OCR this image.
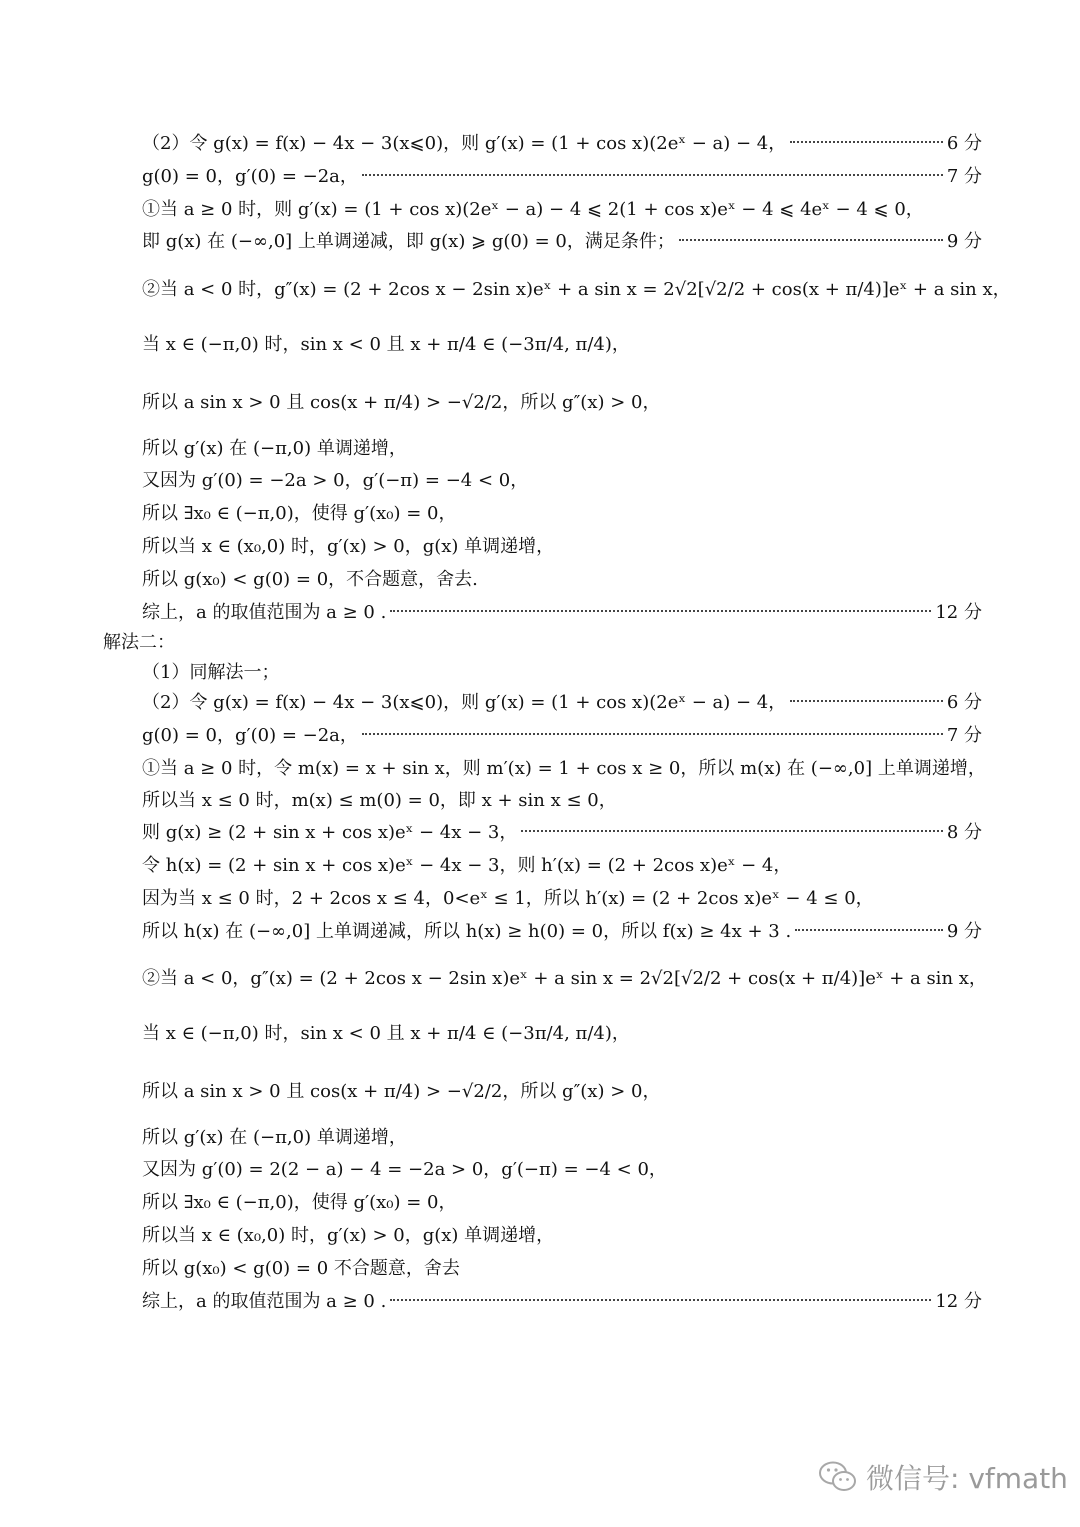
（2）令 g(x) = f(x) − 4x − 3(x⩽0)，则 g′(x) = (1 + cos x)(2eˣ − a) − 4，	6 分
g(0) = 0，g′(0) = −2a，	7 分
①当 a ≥ 0 时，则 g′(x) = (1 + cos x)(2eˣ − a) − 4 ⩽ 2(1 + cos x)eˣ − 4 ⩽ 4eˣ − 4 ⩽ 0，
即 g(x) 在 (−∞,0] 上单调递减，即 g(x) ⩾ g(0) = 0，满足条件；	9 分
②当 a < 0 时，g″(x) = (2 + 2cos x − 2sin x)eˣ + a sin x = 2√2[√2/2 + cos(x + π/4)]eˣ + a sin x，
当 x ∈ (−π,0) 时，sin x < 0 且 x + π/4 ∈ (−3π/4, π/4)，
所以 a sin x > 0 且 cos(x + π/4) > −√2/2，所以 g″(x) > 0，
所以 g′(x) 在 (−π,0) 单调递增，
又因为 g′(0) = −2a > 0，g′(−π) = −4 < 0，
所以 ∃x₀ ∈ (−π,0)，使得 g′(x₀) = 0，
所以当 x ∈ (x₀,0) 时，g′(x) > 0，g(x) 单调递增，
所以 g(x₀) < g(0) = 0，不合题意，舍去.
综上，a 的取值范围为 a ≥ 0 .	12 分
解法二：
（1）同解法一；
（2）令 g(x) = f(x) − 4x − 3(x⩽0)，则 g′(x) = (1 + cos x)(2eˣ − a) − 4，	6 分
g(0) = 0，g′(0) = −2a，	7 分
①当 a ≥ 0 时，令 m(x) = x + sin x，则 m′(x) = 1 + cos x ≥ 0，所以 m(x) 在 (−∞,0] 上单调递增，
所以当 x ≤ 0 时，m(x) ≤ m(0) = 0，即 x + sin x ≤ 0，
则 g(x) ≥ (2 + sin x + cos x)eˣ − 4x − 3，	8 分
令 h(x) = (2 + sin x + cos x)eˣ − 4x − 3，则 h′(x) = (2 + 2cos x)eˣ − 4，
因为当 x ≤ 0 时，2 + 2cos x ≤ 4，0<eˣ ≤ 1，所以 h′(x) = (2 + 2cos x)eˣ − 4 ≤ 0，
所以 h(x) 在 (−∞,0] 上单调递减，所以 h(x) ≥ h(0) = 0，所以 f(x) ≥ 4x + 3 .	9 分
②当 a < 0，g″(x) = (2 + 2cos x − 2sin x)eˣ + a sin x = 2√2[√2/2 + cos(x + π/4)]eˣ + a sin x，
当 x ∈ (−π,0) 时，sin x < 0 且 x + π/4 ∈ (−3π/4, π/4)，
所以 a sin x > 0 且 cos(x + π/4) > −√2/2，所以 g″(x) > 0，
所以 g′(x) 在 (−π,0) 单调递增，
又因为 g′(0) = 2(2 − a) − 4 = −2a > 0，g′(−π) = −4 < 0，
所以 ∃x₀ ∈ (−π,0)，使得 g′(x₀) = 0，
所以当 x ∈ (x₀,0) 时，g′(x) > 0，g(x) 单调递增，
所以 g(x₀) < g(0) = 0 不合题意，舍去
综上，a 的取值范围为 a ≥ 0 .	12 分
微信号: vfmath
